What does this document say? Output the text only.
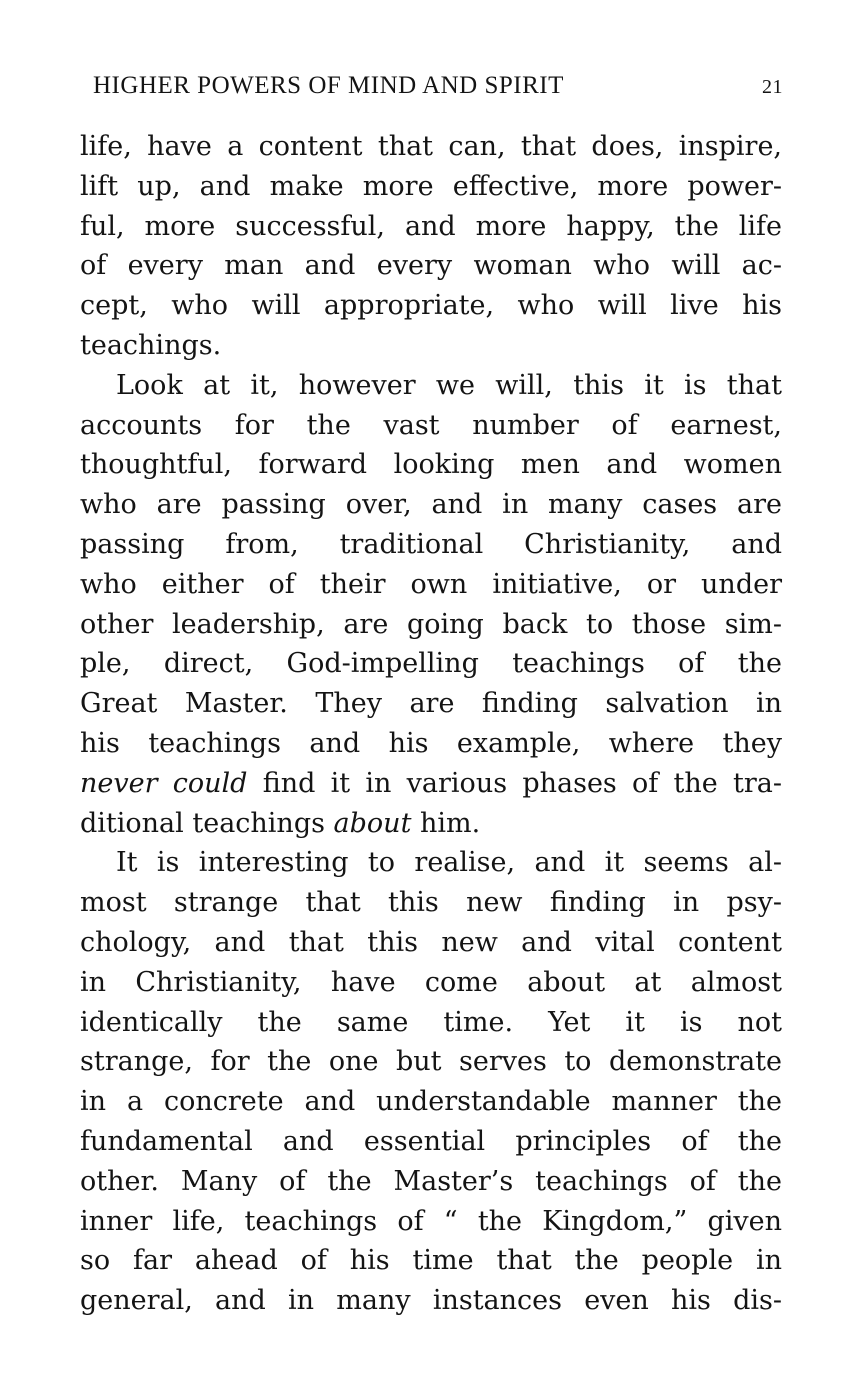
HIGHER POWERS OF MIND AND SPIRIT	21
life, have a content that can, that does, inspire,
lift up, and make more effective, more power-
ful, more successful, and more happy, the life
of every man and every woman who will ac-
cept, who will appropriate, who will live his
teachings.
Look at it, however we will, this it is that
accounts for the vast number of earnest,
thoughtful, forward looking men and women
who are passing over, and in many cases are
passing from, traditional Christianity, and
who either of their own initiative, or under
other leadership, are going back to those sim-
ple, direct, God-impelling teachings of the
Great Master. They are finding salvation in
his teachings and his example, where they
never could find it in various phases of the tra-
ditional teachings about him.
It is interesting to realise, and it seems al-
most strange that this new finding in psy-
chology, and that this new and vital content
in Christianity, have come about at almost
identically the same time. Yet it is not
strange, for the one but serves to demonstrate
in a concrete and understandable manner the
fundamental and essential principles of the
other. Many of the Master’s teachings of the
inner life, teachings of “ the Kingdom,” given
so far ahead of his time that the people in
general, and in many instances even his dis-
